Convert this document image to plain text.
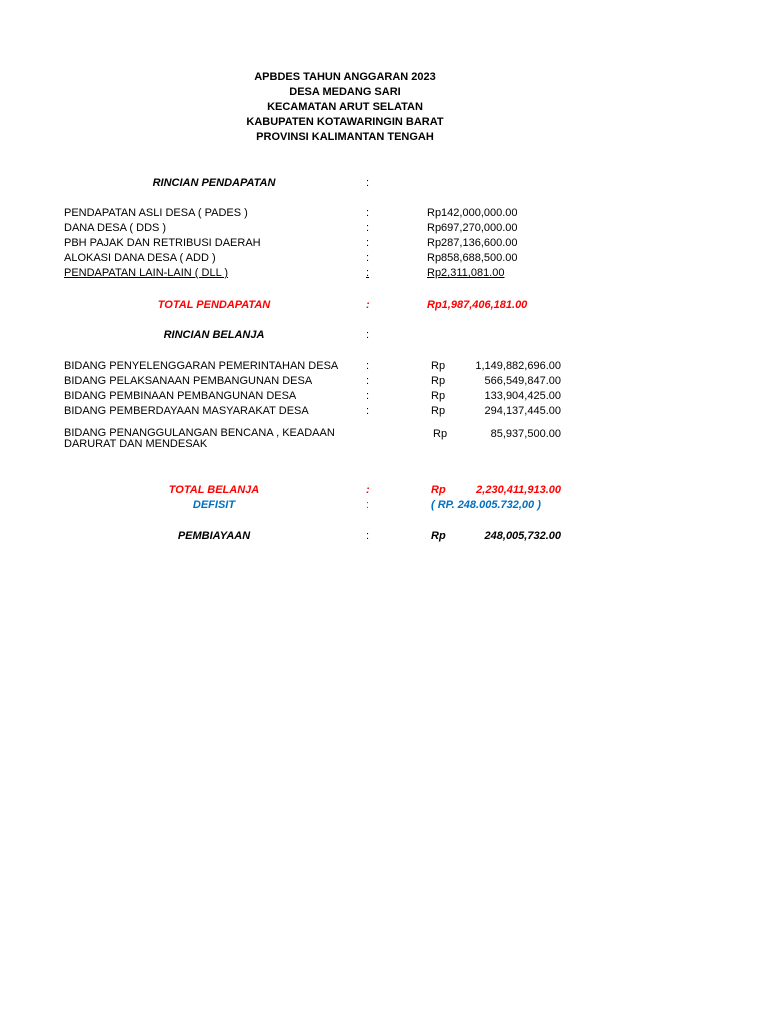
APBDES TAHUN ANGGARAN 2023
DESA MEDANG SARI
KECAMATAN ARUT SELATAN
KABUPATEN KOTAWARINGIN BARAT
PROVINSI KALIMANTAN TENGAH
RINCIAN PENDAPATAN	:
PENDAPATAN ASLI DESA ( PADES )	:	Rp142,000,000.00
DANA DESA ( DDS )	:	Rp697,270,000.00
PBH PAJAK DAN RETRIBUSI DAERAH	:	Rp287,136,600.00
ALOKASI DANA DESA ( ADD )	:	Rp858,688,500.00
PENDAPATAN LAIN-LAIN ( DLL )	:	Rp2,311,081.00
TOTAL PENDAPATAN	:	Rp1,987,406,181.00
RINCIAN BELANJA	:
BIDANG PENYELENGGARAN PEMERINTAHAN DESA	:	Rp	1,149,882,696.00
BIDANG PELAKSANAAN PEMBANGUNAN DESA	:	Rp	566,549,847.00
BIDANG PEMBINAAN PEMBANGUNAN DESA	:	Rp	133,904,425.00
BIDANG PEMBERDAYAAN MASYARAKAT DESA	:	Rp	294,137,445.00
BIDANG PENANGGULANGAN BENCANA , KEADAAN DARURAT DAN MENDESAK
Rp	85,937,500.00
TOTAL BELANJA	:	Rp	2,230,411,913.00
DEFISIT	:	( RP. 248.005.732,00 )
PEMBIAYAAN	:	Rp	248,005,732.00
